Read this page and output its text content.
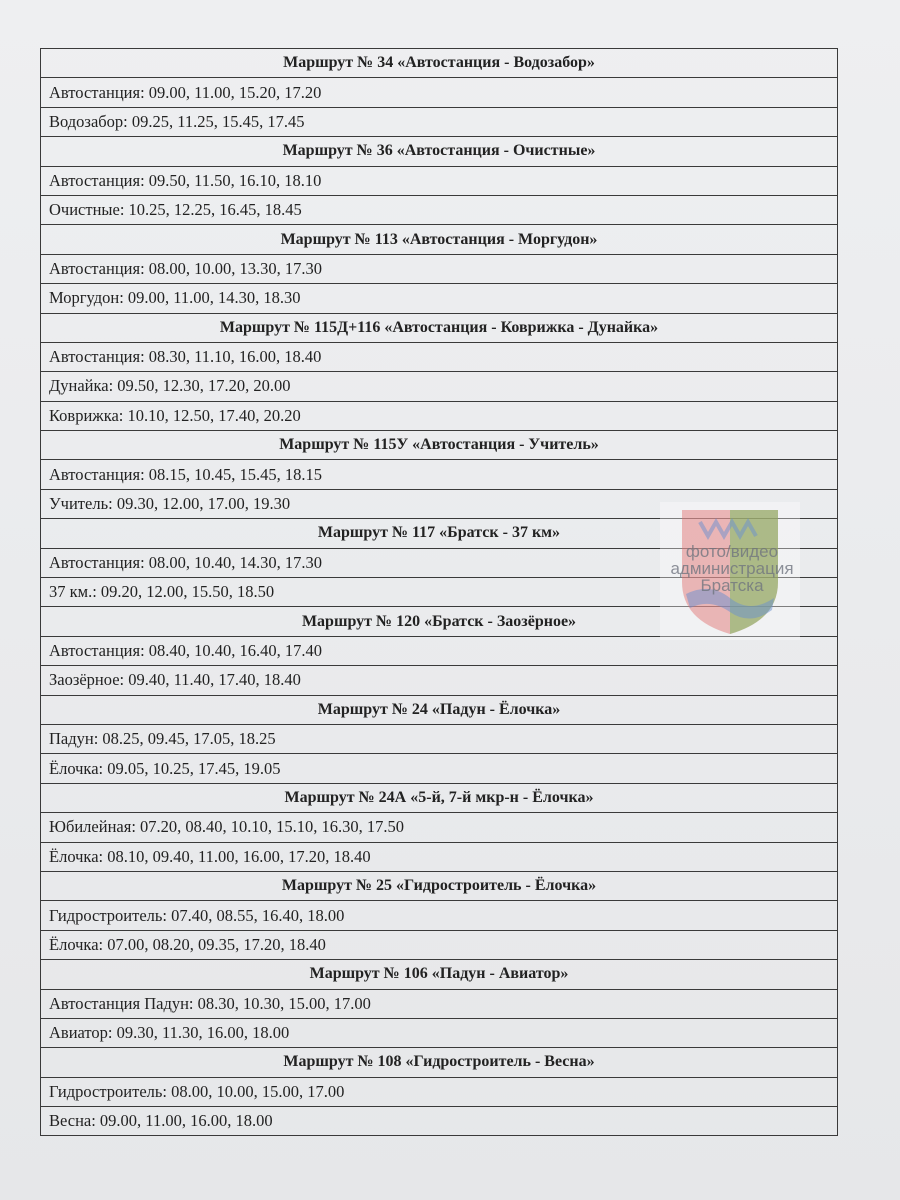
Маршрут № 34 «Автостанция - Водозабор»
Автостанция: 09.00, 11.00, 15.20, 17.20
Водозабор: 09.25, 11.25, 15.45, 17.45
Маршрут № 36 «Автостанция - Очистные»
Автостанция: 09.50, 11.50, 16.10, 18.10
Очистные: 10.25, 12.25, 16.45, 18.45
Маршрут № 113 «Автостанция - Моргудон»
Автостанция: 08.00, 10.00, 13.30, 17.30
Моргудон: 09.00, 11.00, 14.30, 18.30
Маршрут № 115Д+116 «Автостанция - Коврижка - Дунайка»
Автостанция: 08.30, 11.10, 16.00, 18.40
Дунайка: 09.50, 12.30, 17.20, 20.00
Коврижка: 10.10, 12.50, 17.40, 20.20
Маршрут № 115У «Автостанция - Учитель»
Автостанция: 08.15, 10.45, 15.45, 18.15
Учитель: 09.30, 12.00, 17.00, 19.30
Маршрут № 117 «Братск - 37 км»
Автостанция: 08.00, 10.40, 14.30, 17.30
37 км.: 09.20, 12.00, 15.50, 18.50
Маршрут № 120 «Братск - Заозёрное»
Автостанция: 08.40, 10.40, 16.40, 17.40
Заозёрное: 09.40, 11.40, 17.40, 18.40
Маршрут № 24 «Падун - Ёлочка»
Падун: 08.25, 09.45, 17.05, 18.25
Ёлочка: 09.05, 10.25, 17.45, 19.05
Маршрут № 24А «5-й, 7-й мкр-н - Ёлочка»
Юбилейная: 07.20, 08.40, 10.10, 15.10, 16.30, 17.50
Ёлочка: 08.10, 09.40, 11.00, 16.00, 17.20, 18.40
Маршрут № 25 «Гидростроитель - Ёлочка»
Гидростроитель: 07.40, 08.55, 16.40, 18.00
Ёлочка: 07.00, 08.20, 09.35, 17.20, 18.40
Маршрут № 106 «Падун - Авиатор»
Автостанция Падун: 08.30, 10.30, 15.00, 17.00
Авиатор: 09.30, 11.30, 16.00, 18.00
Маршрут № 108 «Гидростроитель - Весна»
Гидростроитель: 08.00, 10.00, 15.00, 17.00
Весна: 09.00, 11.00, 16.00, 18.00
фото/видео
администрация
Братска
